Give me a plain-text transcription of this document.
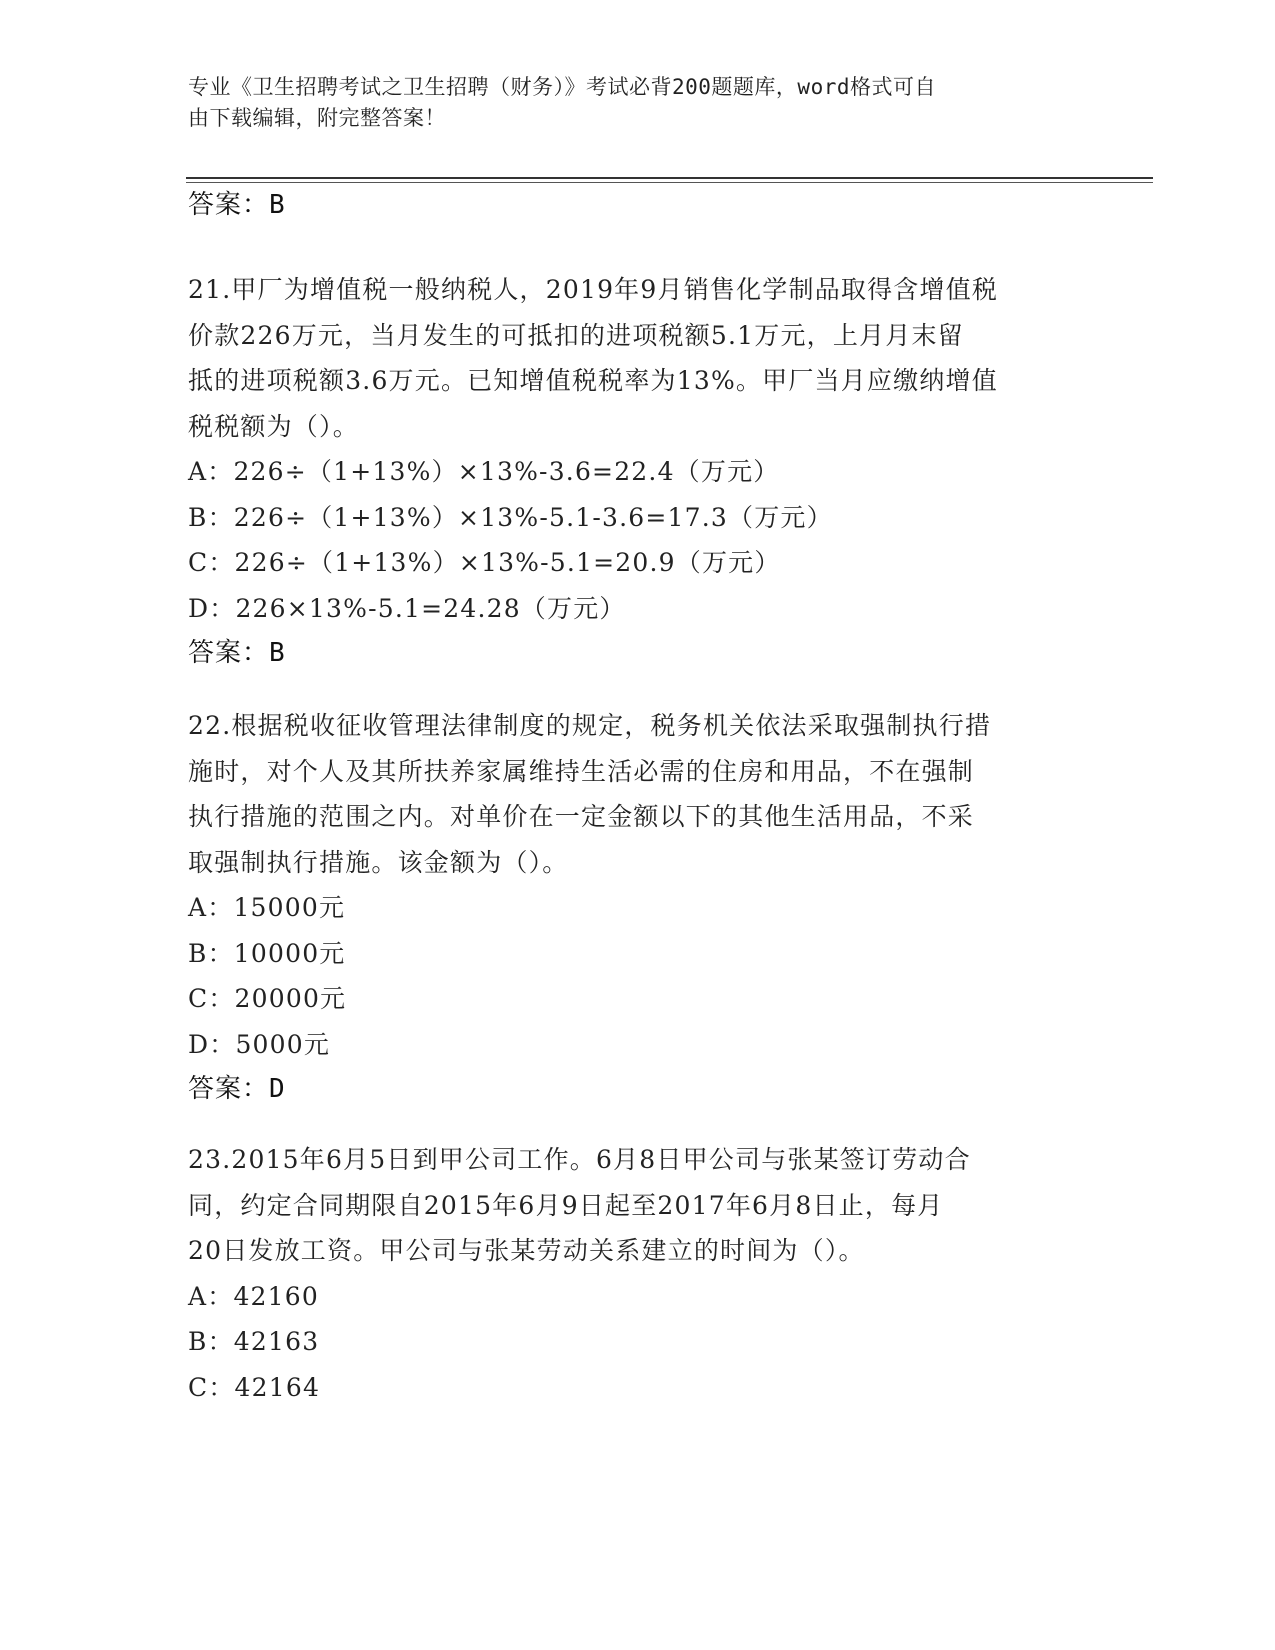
专业《卫生招聘考试之卫生招聘（财务）》考试必背200题题库，word格式可自
由下载编辑，附完整答案！
答案：B
21.甲厂为增值税一般纳税人，2019年9月销售化学制品取得含增值税
价款226万元，当月发生的可抵扣的进项税额5.1万元，上月月末留
抵的进项税额3.6万元。已知增值税税率为13%。甲厂当月应缴纳增值
税税额为（）。
A：226÷（1+13%）×13%-3.6=22.4（万元）
B：226÷（1+13%）×13%-5.1-3.6=17.3（万元）
C：226÷（1+13%）×13%-5.1=20.9（万元）
D：226×13%-5.1=24.28（万元）
答案：B
22.根据税收征收管理法律制度的规定，税务机关依法采取强制执行措
施时，对个人及其所扶养家属维持生活必需的住房和用品，不在强制
执行措施的范围之内。对单价在一定金额以下的其他生活用品，不采
取强制执行措施。该金额为（）。
A：15000元
B：10000元
C：20000元
D：5000元
答案：D
23.2015年6月5日到甲公司工作。6月8日甲公司与张某签订劳动合
同，约定合同期限自2015年6月9日起至2017年6月8日止，每月
20日发放工资。甲公司与张某劳动关系建立的时间为（）。
A：42160
B：42163
C：42164
